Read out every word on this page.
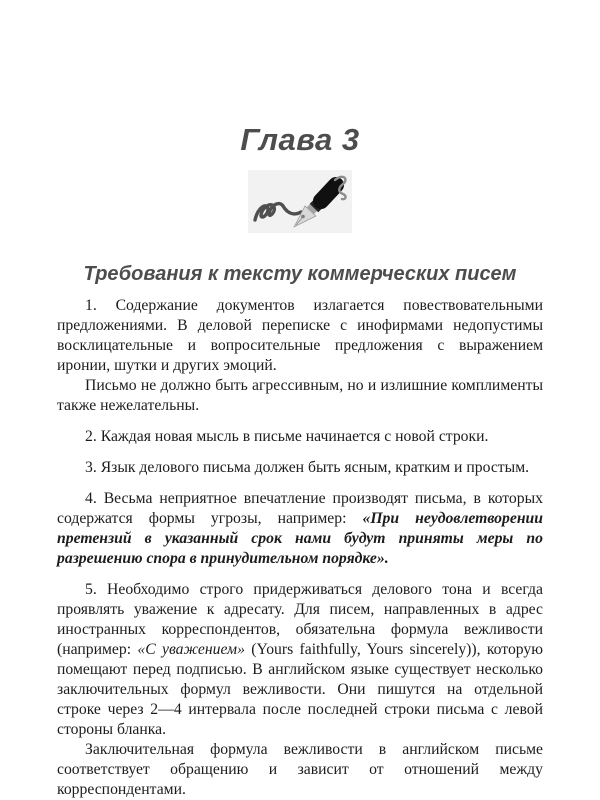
Глава 3
Требования к тексту коммерческих писем

1. Содержание документов излагается повествовательными предложениями. В деловой переписке с инофирмами недопустимы восклицательные и вопросительные предложения с выражением иронии, шутки и других эмоций.

Письмо не должно быть агрессивным, но и излишние комплименты также нежелательны.

2. Каждая новая мысль в письме начинается с новой строки.

3. Язык делового письма должен быть ясным, кратким и простым.

4. Весьма неприятное впечатление производят письма, в которых содержатся формы угрозы, например: «При неудовлетворении претензий в указанный срок нами будут приняты меры по разрешению спора в принудительном порядке».

5. Необходимо строго придерживаться делового тона и всегда проявлять уважение к адресату. Для писем, направленных в адрес иностранных корреспондентов, обязательна формула вежливости (например: «С уважением» (Yours faithfully, Yours sincerely)), которую помещают перед подписью. В английском языке существует несколько заключительных формул вежливости. Они пишутся на отдельной строке через 2—4 интервала после последней строки письма с левой стороны бланка.

Заключительная формула вежливости в английском письме соответствует обращению и зависит от отношений между корреспондентами.
